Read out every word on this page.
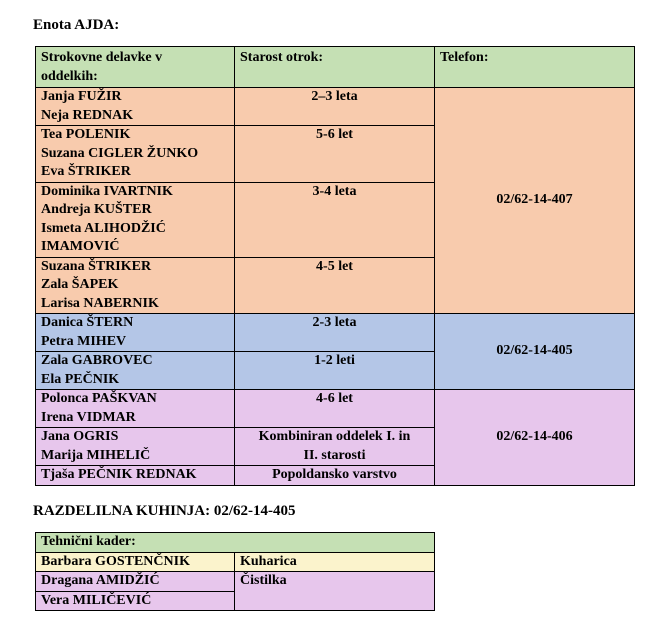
Enota AJDA:
Strokovne delavke v
oddelkih:	Starost otrok:	Telefon:

Janja FUŽIR
Neja REDNAK	2–3 leta	02/62-14-407

Tea POLENIK
Suzana CIGLER ŽUNKO
Eva ŠTRIKER	5-6 let	

Dominika IVARTNIK
Andreja KUŠTER
Ismeta ALIHODŽIĆ
IMAMOVIĆ	3-4 leta	

Suzana ŠTRIKER
Zala ŠAPEK
Larisa NABERNIK	4-5 let	

Danica ŠTERN
Petra MIHEV	2-3 leta	02/62-14-405

Zala GABROVEC
Ela PEČNIK	1-2 leti	

Polonca PAŠKVAN
Irena VIDMAR	4-6 let	02/62-14-406

Jana OGRIS
Marija MIHELIČ	Kombiniran oddelek I. in
II. starosti	

Tjaša PEČNIK REDNAK	Popoldansko varstvo	
RAZDELILNA KUHINJA: 02/62-14-405
Tehnični kader:	
Barbara GOSTENČNIK	Kuharica
Dragana AMIDŽIĆ	Čistilka
Vera MILIČEVIĆ	
